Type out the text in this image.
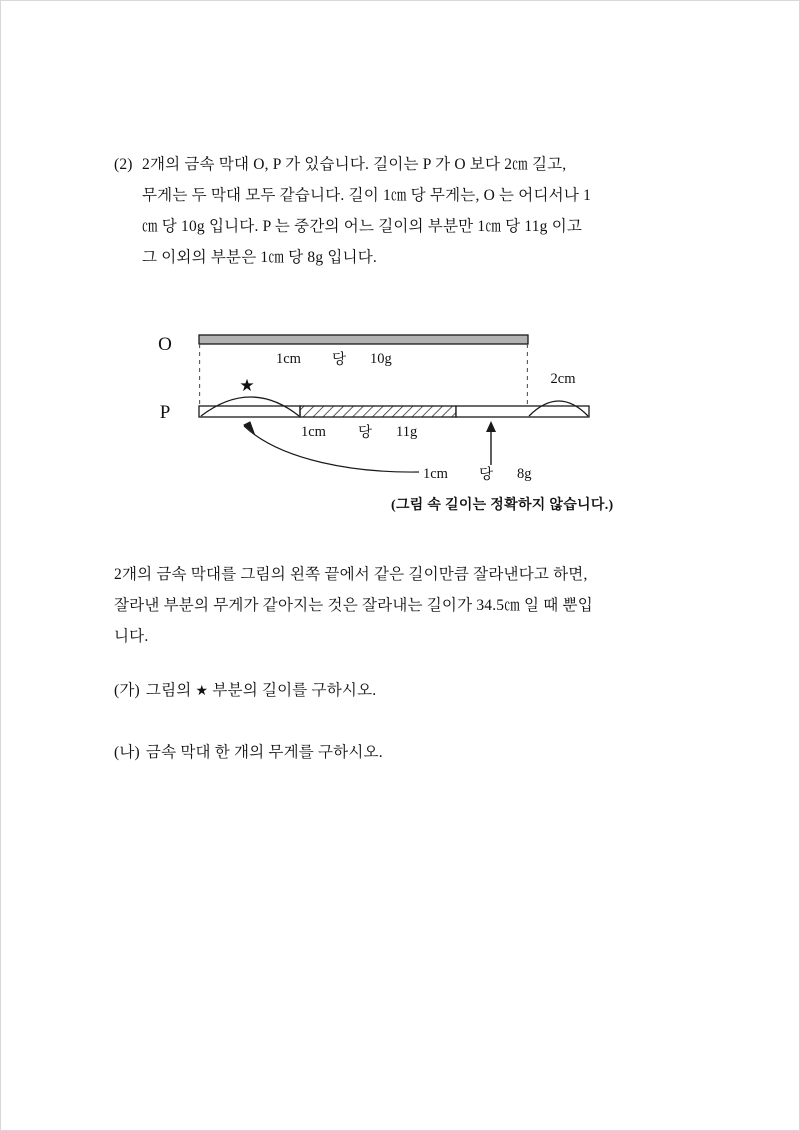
(2) 2개의 금속 막대 O, P 가 있습니다. 길이는 P 가 O 보다 2㎝ 길고,
무게는 두 막대 모두 같습니다. 길이 1㎝ 당 무게는, O 는 어디서나 1
㎝ 당 10g 입니다. P 는 중간의 어느 길이의 부분만 1㎝ 당 11g 이고
그 이외의 부분은 1㎝ 당 8g 입니다.
O
1cm 당 10g
P
★	2cm
1cm 당 11g
1cm 당 8g
(그림 속 길이는 정확하지 않습니다.)
2개의 금속 막대를 그림의 왼쪽 끝에서 같은 길이만큼 잘라낸다고 하면,
잘라낸 부분의 무게가 같아지는 것은 잘라내는 길이가 34.5㎝ 일 때 뿐입
니다.
(가) 그림의 ★ 부분의 길이를 구하시오.
(나) 금속 막대 한 개의 무게를 구하시오.
